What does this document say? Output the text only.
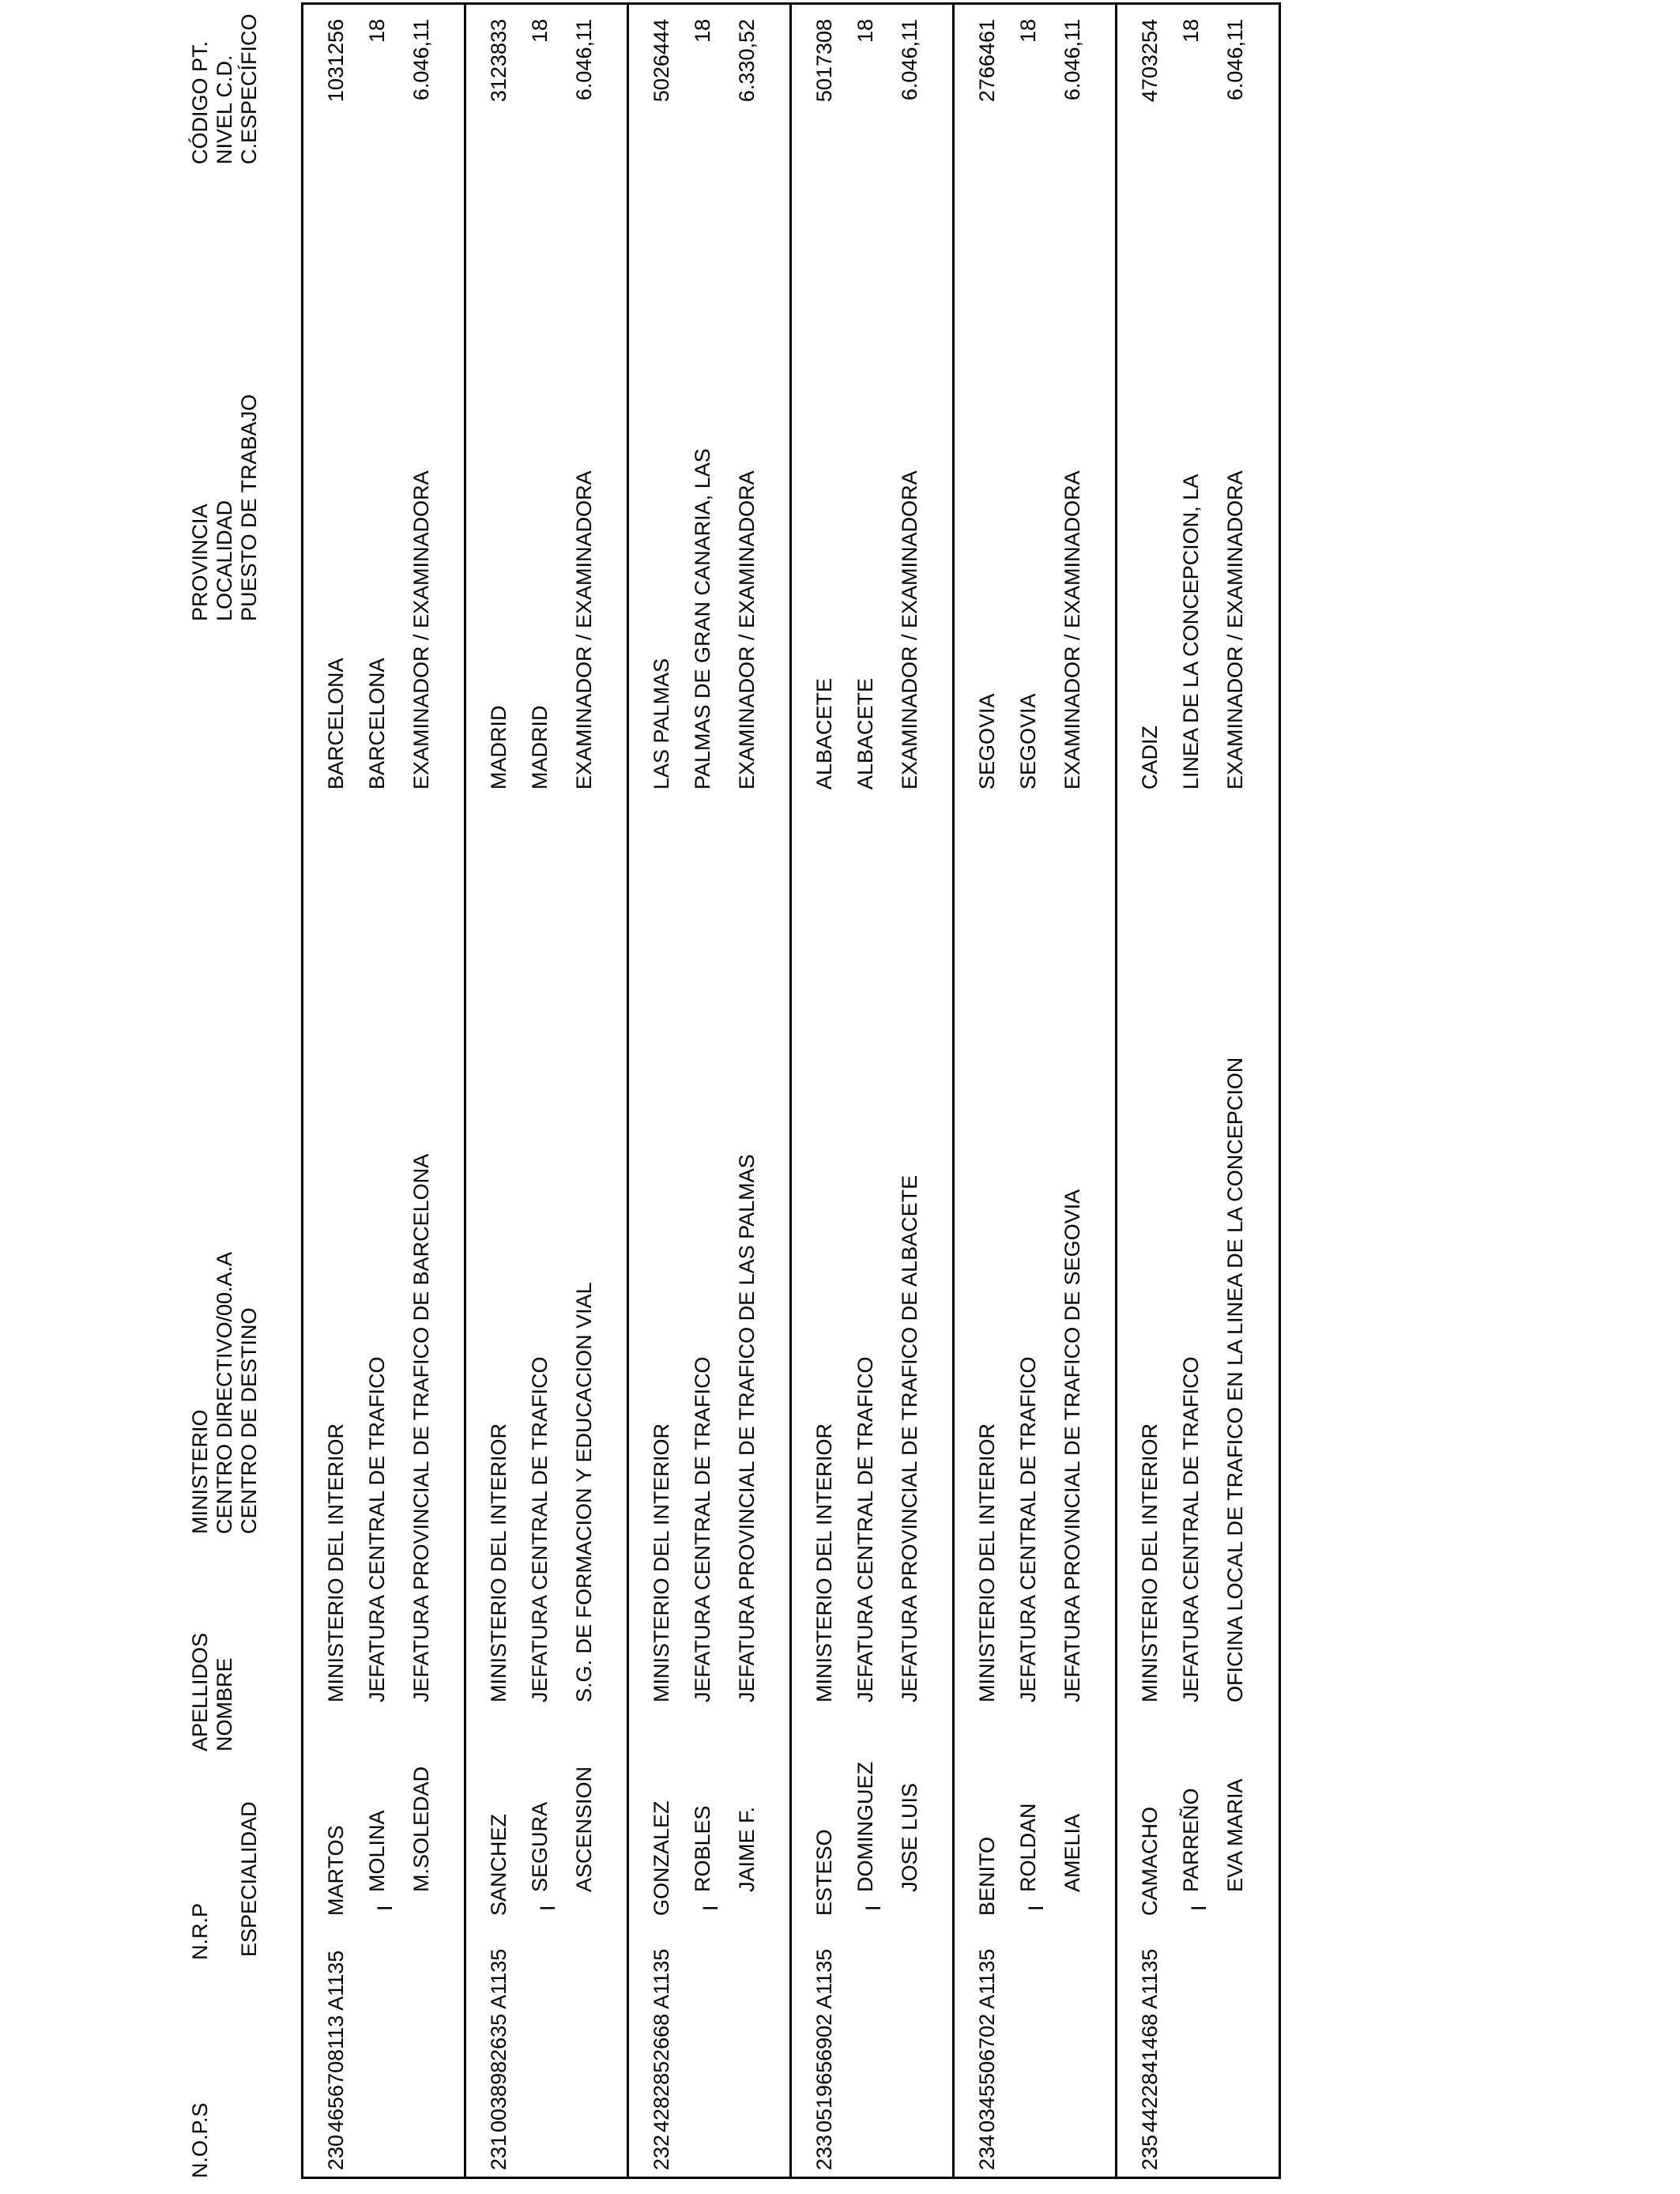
N.O.P.S
N.R.P ESPECIALIDAD
APELLIDOS NOMBRE
MINISTERIO CENTRO DIRECTIVO/00.A.A CENTRO DE DESTINO
PROVINCIA LOCALIDAD PUESTO DE TRABAJO
CÓDIGO PT. NIVEL C.D. C.ESPECÍFICO
230
4656708113 A1135
I
MARTOS MOLINA M.SOLEDAD
MINISTERIO DEL INTERIOR JEFATURA CENTRAL DE TRAFICO JEFATURA PROVINCIAL DE TRAFICO DE BARCELONA
BARCELONA BARCELONA EXAMINADOR / EXAMINADORA
1031256 18 6.046,11
231
0038982635 A1135
I
SANCHEZ SEGURA ASCENSION
MINISTERIO DEL INTERIOR JEFATURA CENTRAL DE TRAFICO S.G. DE FORMACION Y EDUCACION VIAL
MADRID MADRID EXAMINADOR / EXAMINADORA
3123833 18 6.046,11
232
4282852668 A1135
I
GONZALEZ ROBLES JAIME F.
MINISTERIO DEL INTERIOR JEFATURA CENTRAL DE TRAFICO JEFATURA PROVINCIAL DE TRAFICO DE LAS PALMAS
LAS PALMAS PALMAS DE GRAN CANARIA, LAS EXAMINADOR / EXAMINADORA
5026444 18 6.330,52
233
0519656902 A1135
I
ESTESO DOMINGUEZ JOSE LUIS
MINISTERIO DEL INTERIOR JEFATURA CENTRAL DE TRAFICO JEFATURA PROVINCIAL DE TRAFICO DE ALBACETE
ALBACETE ALBACETE EXAMINADOR / EXAMINADORA
5017308 18 6.046,11
234
0345506702 A1135
I
BENITO ROLDAN AMELIA
MINISTERIO DEL INTERIOR JEFATURA CENTRAL DE TRAFICO JEFATURA PROVINCIAL DE TRAFICO DE SEGOVIA
SEGOVIA SEGOVIA EXAMINADOR / EXAMINADORA
2766461 18 6.046,11
235
4422841468 A1135
I
CAMACHO PARREÑO EVA MARIA
MINISTERIO DEL INTERIOR JEFATURA CENTRAL DE TRAFICO OFICINA LOCAL DE TRAFICO EN LA LINEA DE LA CONCEPCION
CADIZ LINEA DE LA CONCEPCION, LA EXAMINADOR / EXAMINADORA
4703254 18 6.046,11
